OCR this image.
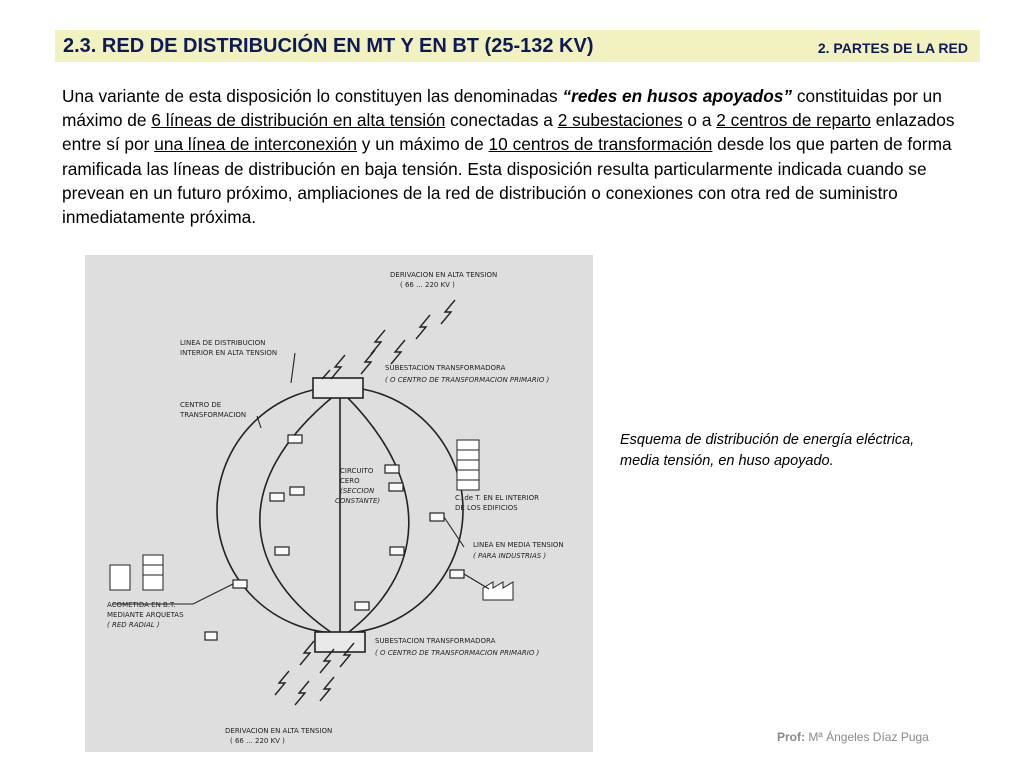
2.3. RED DE DISTRIBUCIÓN EN MT Y EN BT (25-132 KV)	2. PARTES DE LA RED
Una variante de esta disposición lo constituyen las denominadas “redes en husos apoyados” constituidas por un máximo de 6 líneas de distribución en alta tensión conectadas a 2 subestaciones o a 2 centros de reparto enlazados entre sí por una línea de interconexión y un máximo de 10 centros de transformación desde los que parten de forma ramificada las líneas de distribución en baja tensión. Esta disposición resulta particularmente indicada cuando se prevean en un futuro próximo, ampliaciones de la red de distribución o conexiones con otra red de suministro inmediatamente próxima.
DERIVACION EN ALTA TENSION
( 66 ... 220 KV )
LINEA DE DISTRIBUCION
INTERIOR EN ALTA TENSION
SUBESTACION TRANSFORMADORA
( O CENTRO DE TRANSFORMACION PRIMARIO )
CENTRO DE
TRANSFORMACION
CIRCUITO
CERO
(SECCION
CONSTANTE)	C. de T. EN EL INTERIOR
DE LOS EDIFICIOS
LINEA EN MEDIA TENSION
( PARA INDUSTRIAS )
ACOMETIDA EN B.T.
MEDIANTE ARQUETAS
( RED RADIAL )
SUBESTACION TRANSFORMADORA
( O CENTRO DE TRANSFORMACION PRIMARIO )
DERIVACION EN ALTA TENSION
( 66 ... 220 KV )
Esquema de distribución de energía eléctrica, media tensión, en huso apoyado.
Prof: Mª Ángeles Díaz Puga
